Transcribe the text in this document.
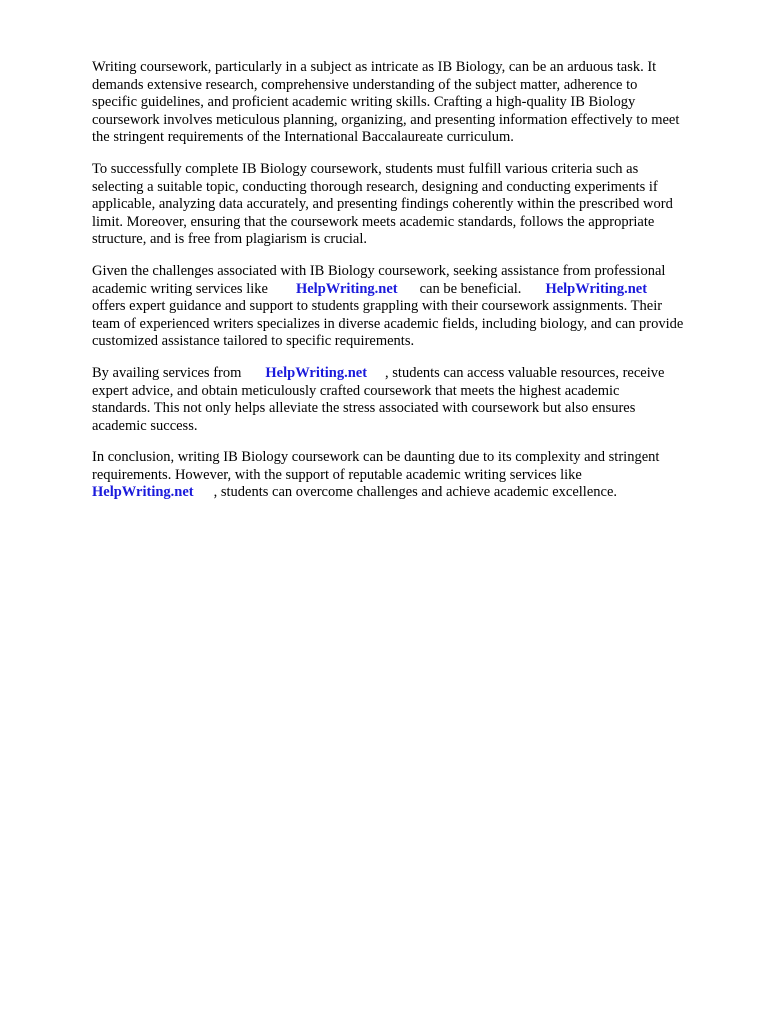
Writing coursework, particularly in a subject as intricate as IB Biology, can be an arduous task. It
demands extensive research, comprehensive understanding of the subject matter, adherence to
specific guidelines, and proficient academic writing skills. Crafting a high-quality IB Biology
coursework involves meticulous planning, organizing, and presenting information effectively to meet
the stringent requirements of the International Baccalaureate curriculum.
To successfully complete IB Biology coursework, students must fulfill various criteria such as
selecting a suitable topic, conducting thorough research, designing and conducting experiments if
applicable, analyzing data accurately, and presenting findings coherently within the prescribed word
limit. Moreover, ensuring that the coursework meets academic standards, follows the appropriate
structure, and is free from plagiarism is crucial.
Given the challenges associated with IB Biology coursework, seeking assistance from professional
academic writing services like HelpWriting.net can be beneficial. HelpWriting.net
offers expert guidance and support to students grappling with their coursework assignments. Their
team of experienced writers specializes in diverse academic fields, including biology, and can provide
customized assistance tailored to specific requirements.
By availing services from HelpWriting.net , students can access valuable resources, receive
expert advice, and obtain meticulously crafted coursework that meets the highest academic
standards. This not only helps alleviate the stress associated with coursework but also ensures
academic success.
In conclusion, writing IB Biology coursework can be daunting due to its complexity and stringent
requirements. However, with the support of reputable academic writing services like
HelpWriting.net , students can overcome challenges and achieve academic excellence.
